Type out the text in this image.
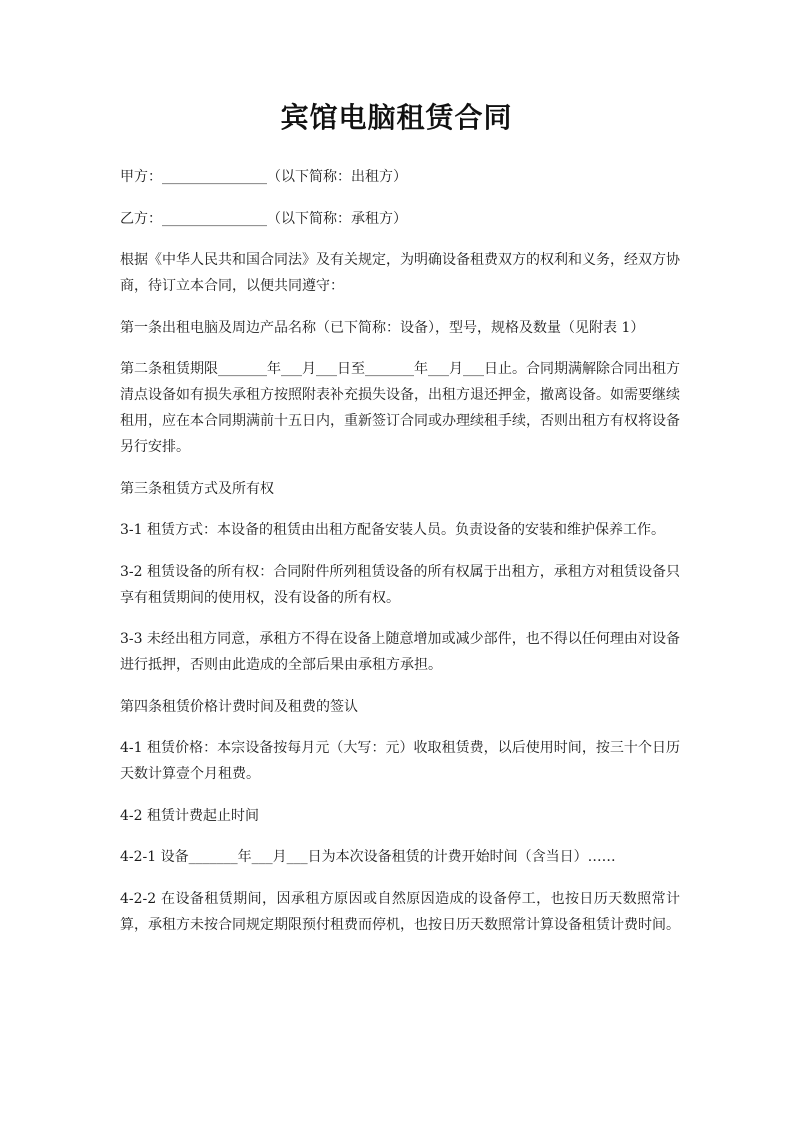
宾馆电脑租赁合同

甲方：_______________（以下简称：出租方）

乙方：_______________（以下简称：承租方）

根据《中华人民共和国合同法》及有关规定，为明确设备租费双方的权利和义务，经双方协商，待订立本合同，以便共同遵守：

第一条出租电脑及周边产品名称（已下简称：设备），型号，规格及数量（见附表 1）

第二条租赁期限_______年___月___日至_______年___月___日止。合同期满解除合同出租方清点设备如有损失承租方按照附表补充损失设备，出租方退还押金，撤离设备。如需要继续租用，应在本合同期满前十五日内，重新签订合同或办理续租手续，否则出租方有权将设备另行安排。

第三条租赁方式及所有权

3-1 租赁方式：本设备的租赁由出租方配备安装人员。负责设备的安装和维护保养工作。

3-2 租赁设备的所有权：合同附件所列租赁设备的所有权属于出租方，承租方对租赁设备只享有租赁期间的使用权，没有设备的所有权。

3-3 未经出租方同意，承租方不得在设备上随意增加或减少部件，也不得以任何理由对设备进行抵押，否则由此造成的全部后果由承租方承担。

第四条租赁价格计费时间及租费的签认

4-1 租赁价格：本宗设备按每月元（大写：元）收取租赁费，以后使用时间，按三十个日历天数计算壹个月租费。

4-2 租赁计费起止时间

4-2-1 设备_______年___月___日为本次设备租赁的计费开始时间（含当日）……

4-2-2 在设备租赁期间，因承租方原因或自然原因造成的设备停工，也按日历天数照常计算，承租方未按合同规定期限预付租费而停机，也按日历天数照常计算设备租赁计费时间。
